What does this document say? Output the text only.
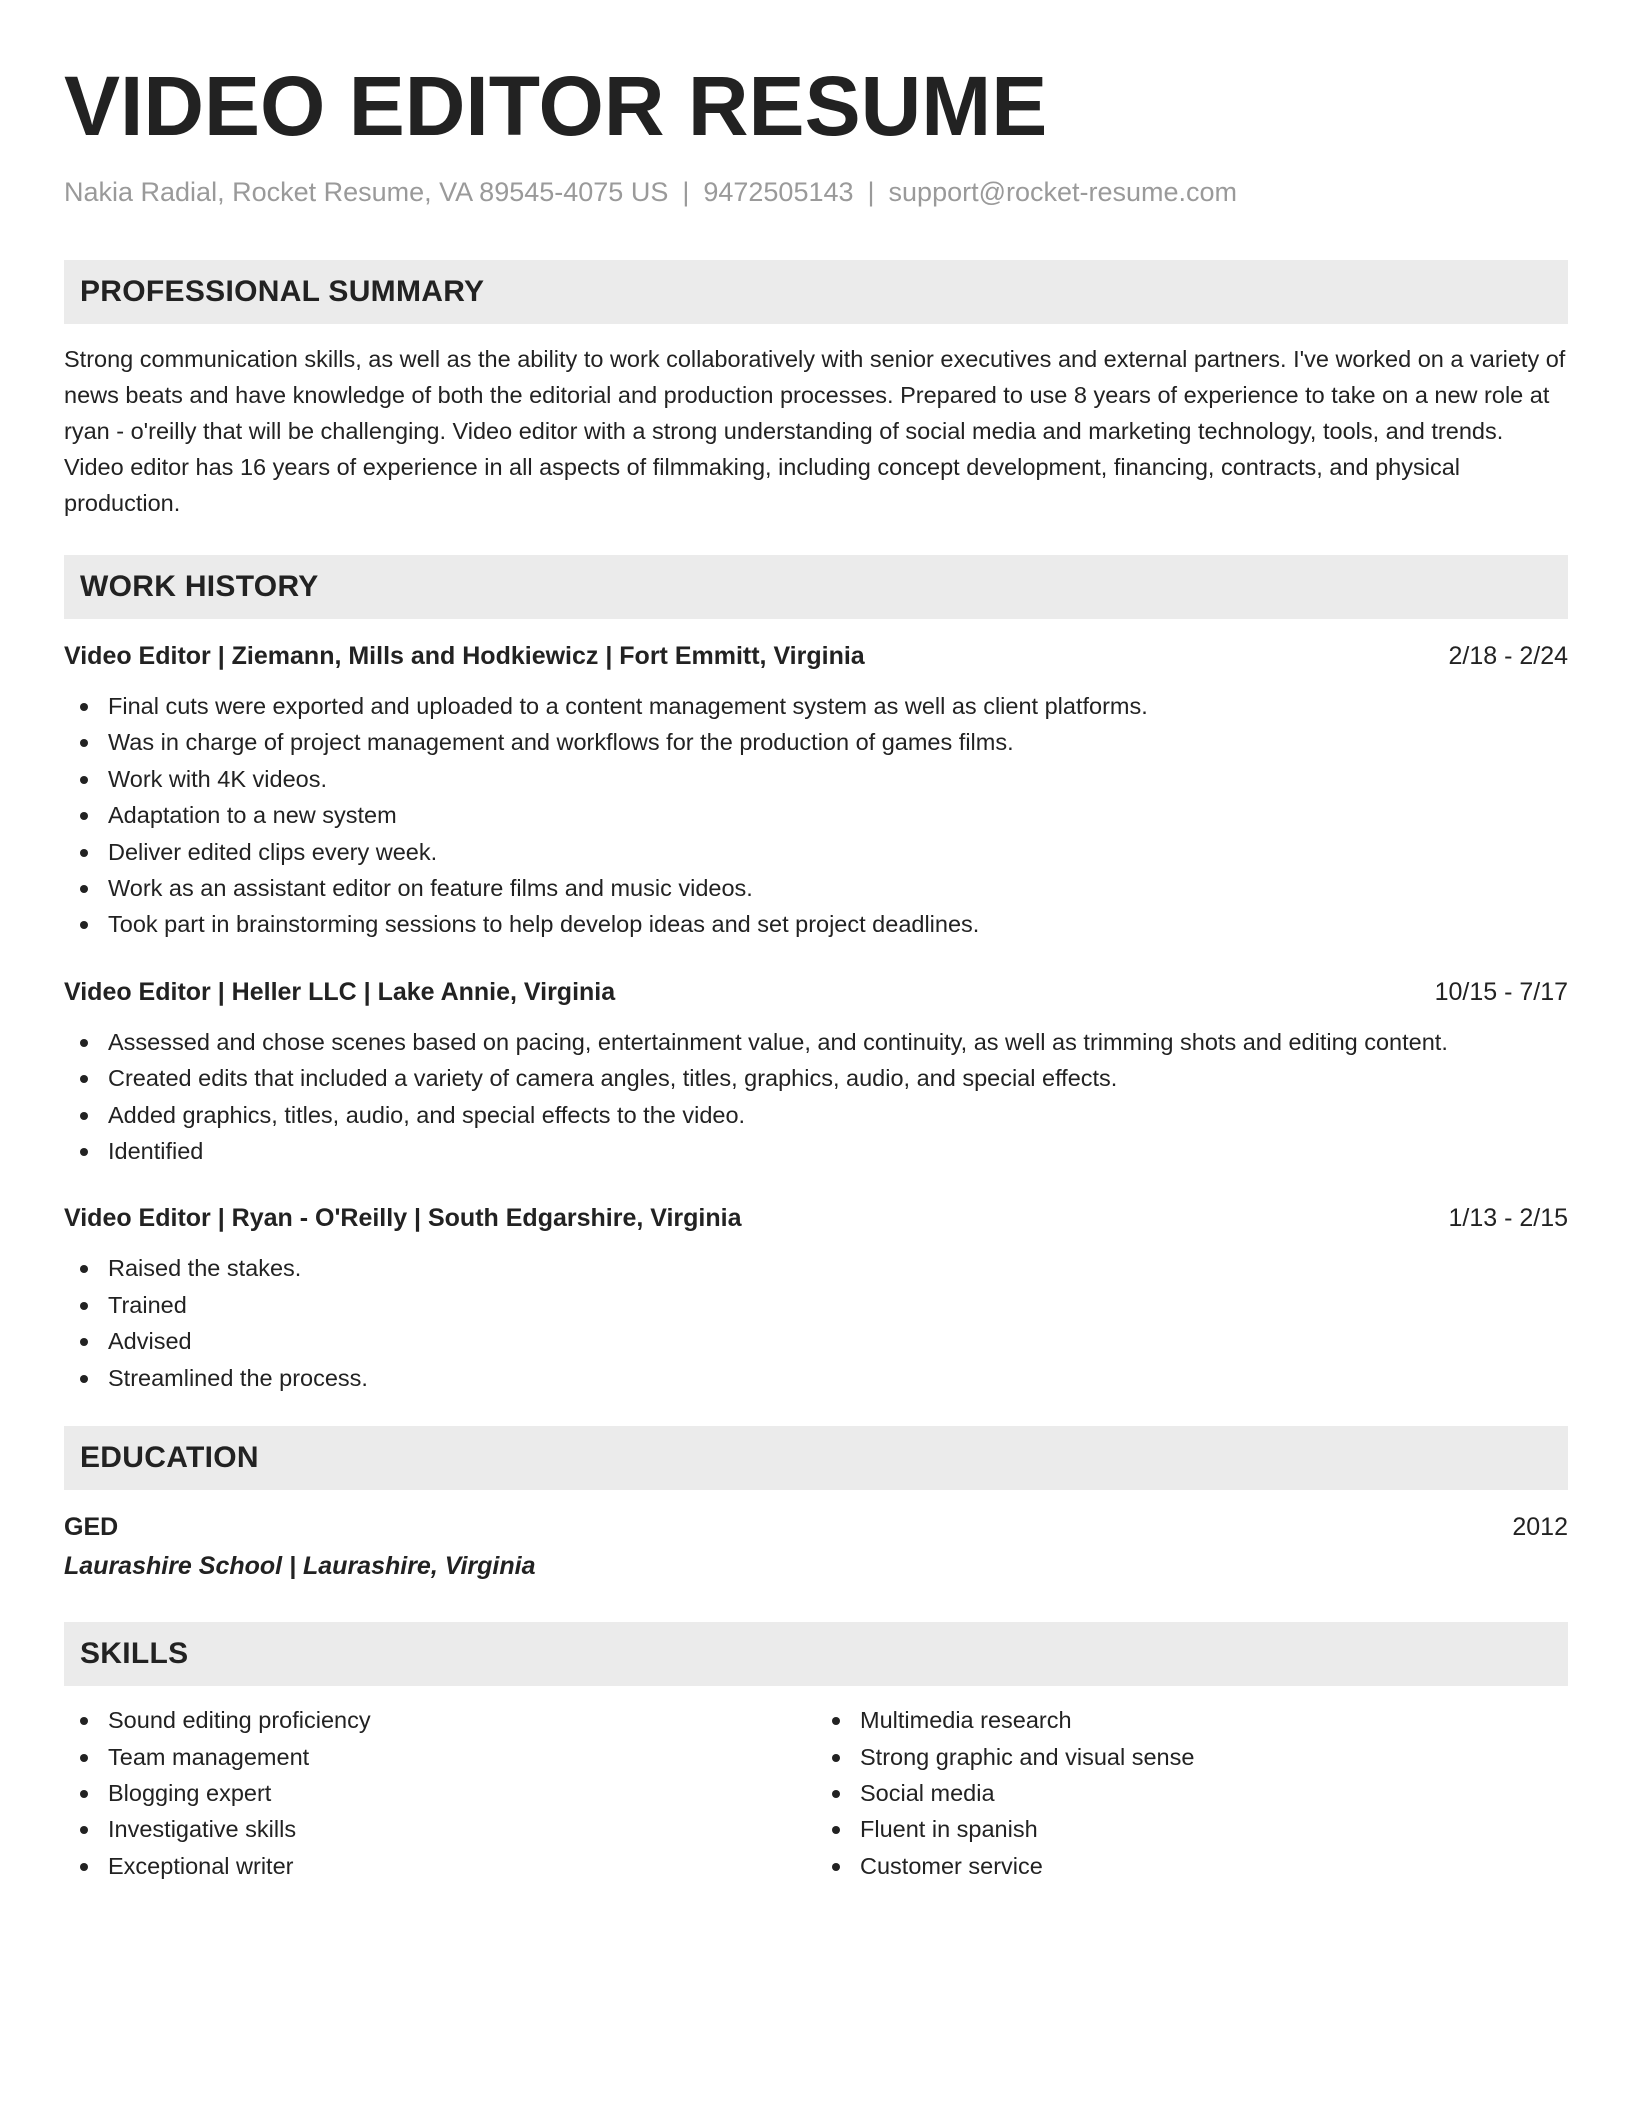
VIDEO EDITOR RESUME
Nakia Radial, Rocket Resume, VA 89545-4075 US | 9472505143 | support@rocket-resume.com
PROFESSIONAL SUMMARY

Strong communication skills, as well as the ability to work collaboratively with senior executives and external partners. I've worked on a variety of news beats and have knowledge of both the editorial and production processes. Prepared to use 8 years of experience to take on a new role at ryan - o'reilly that will be challenging. Video editor with a strong understanding of social media and marketing technology, tools, and trends. Video editor has 16 years of experience in all aspects of filmmaking, including concept development, financing, contracts, and physical production.

WORK HISTORY
Video Editor | Ziemann, Mills and Hodkiewicz | Fort Emmitt, Virginia	2/18 - 2/24
Final cuts were exported and uploaded to a content management system as well as client platforms.
Was in charge of project management and workflows for the production of games films.
Work with 4K videos.
Adaptation to a new system
Deliver edited clips every week.
Work as an assistant editor on feature films and music videos.
Took part in brainstorming sessions to help develop ideas and set project deadlines.
Video Editor | Heller LLC | Lake Annie, Virginia	10/15 - 7/17
Assessed and chose scenes based on pacing, entertainment value, and continuity, as well as trimming shots and editing content.
Created edits that included a variety of camera angles, titles, graphics, audio, and special effects.
Added graphics, titles, audio, and special effects to the video.
Identified
Video Editor | Ryan - O'Reilly | South Edgarshire, Virginia	1/13 - 2/15
Raised the stakes.
Trained
Advised
Streamlined the process.
EDUCATION
GED	2012
Laurashire School | Laurashire, Virginia
SKILLS
Sound editing proficiency
Team management
Blogging expert
Investigative skills
Exceptional writer
Multimedia research
Strong graphic and visual sense
Social media
Fluent in spanish
Customer service
